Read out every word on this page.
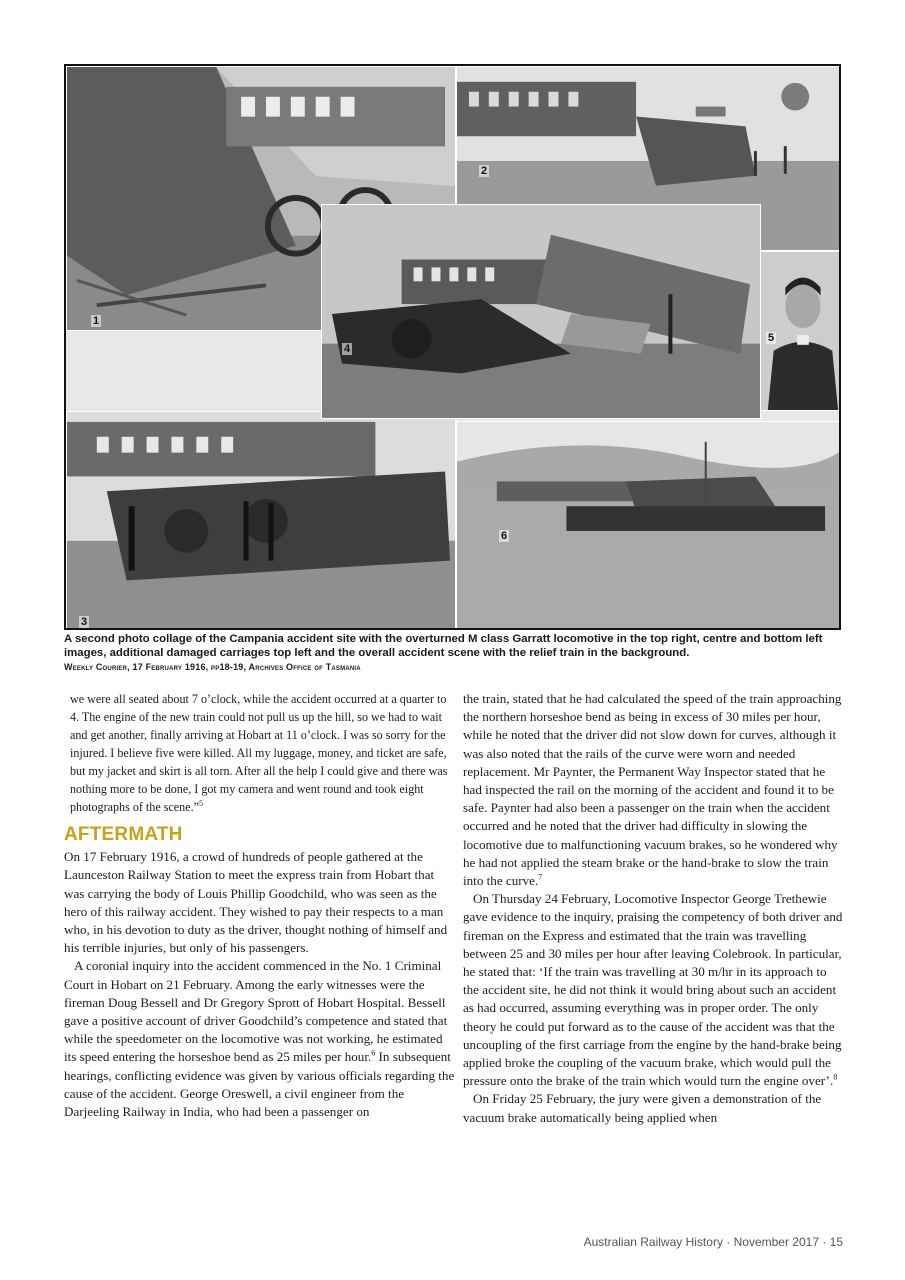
1
2
5
3
6
4
A second photo collage of the Campania accident site with the overturned M class Garratt locomotive in the top right, centre and bottom left images, additional damaged carriages top left and the overall accident scene with the relief train in the background.
Weekly Courier, 17 February 1916, pp18-19, Archives Office of Tasmania

we were all seated about 7 o’clock, while the accident occurred at a quarter to 4. The engine of the new train could not pull us up the hill, so we had to wait and get another, finally arriving at Hobart at 11 o’clock. I was so sorry for the injured. I believe five were killed. All my luggage, money, and ticket are safe, but my jacket and skirt is all torn. After all the help I could give and there was nothing more to be done, I got my camera and went round and took eight photographs of the scene.”$^5$

AFTERMATH

On 17 February 1916, a crowd of hundreds of people gathered at the Launceston Railway Station to meet the express train from Hobart that was carrying the body of Louis Phillip Goodchild, who was seen as the hero of this railway accident. They wished to pay their respects to a man who, in his devotion to duty as the driver, thought nothing of himself and his terrible injuries, but only of his passengers.

A coronial inquiry into the accident commenced in the No. 1 Criminal Court in Hobart on 21 February. Among the early witnesses were the fireman Doug Bessell and Dr Gregory Sprott of Hobart Hospital. Bessell gave a positive account of driver Goodchild’s competence and stated that while the speedometer on the locomotive was not working, he estimated its speed entering the horseshoe bend as 25 miles per hour.$^6$ In subsequent hearings, conflicting evidence was given by various officials regarding the cause of the accident. George Oreswell, a civil engineer from the Darjeeling Railway in India, who had been a passenger on

the train, stated that he had calculated the speed of the train approaching the northern horseshoe bend as being in excess of 30 miles per hour, while he noted that the driver did not slow down for curves, although it was also noted that the rails of the curve were worn and needed replacement. Mr Paynter, the Permanent Way Inspector stated that he had inspected the rail on the morning of the accident and found it to be safe. Paynter had also been a passenger on the train when the accident occurred and he noted that the driver had difficulty in slowing the locomotive due to malfunctioning vacuum brakes, so he wondered why he had not applied the steam brake or the hand-brake to slow the train into the curve.$^7$

On Thursday 24 February, Locomotive Inspector George Trethewie gave evidence to the inquiry, praising the competency of both driver and fireman on the Express and estimated that the train was travelling between 25 and 30 miles per hour after leaving Colebrook. In particular, he stated that: ‘If the train was travelling at 30 m/hr in its approach to the accident site, he did not think it would bring about such an accident as had occurred, assuming everything was in proper order. The only theory he could put forward as to the cause of the accident was that the uncoupling of the first carriage from the engine by the hand-brake being applied broke the coupling of the vacuum brake, which would pull the pressure onto the brake of the train which would turn the engine over’.$^8$

On Friday 25 February, the jury were given a demonstration of the vacuum brake automatically being applied when

Australian Railway History · November 2017 · 15
